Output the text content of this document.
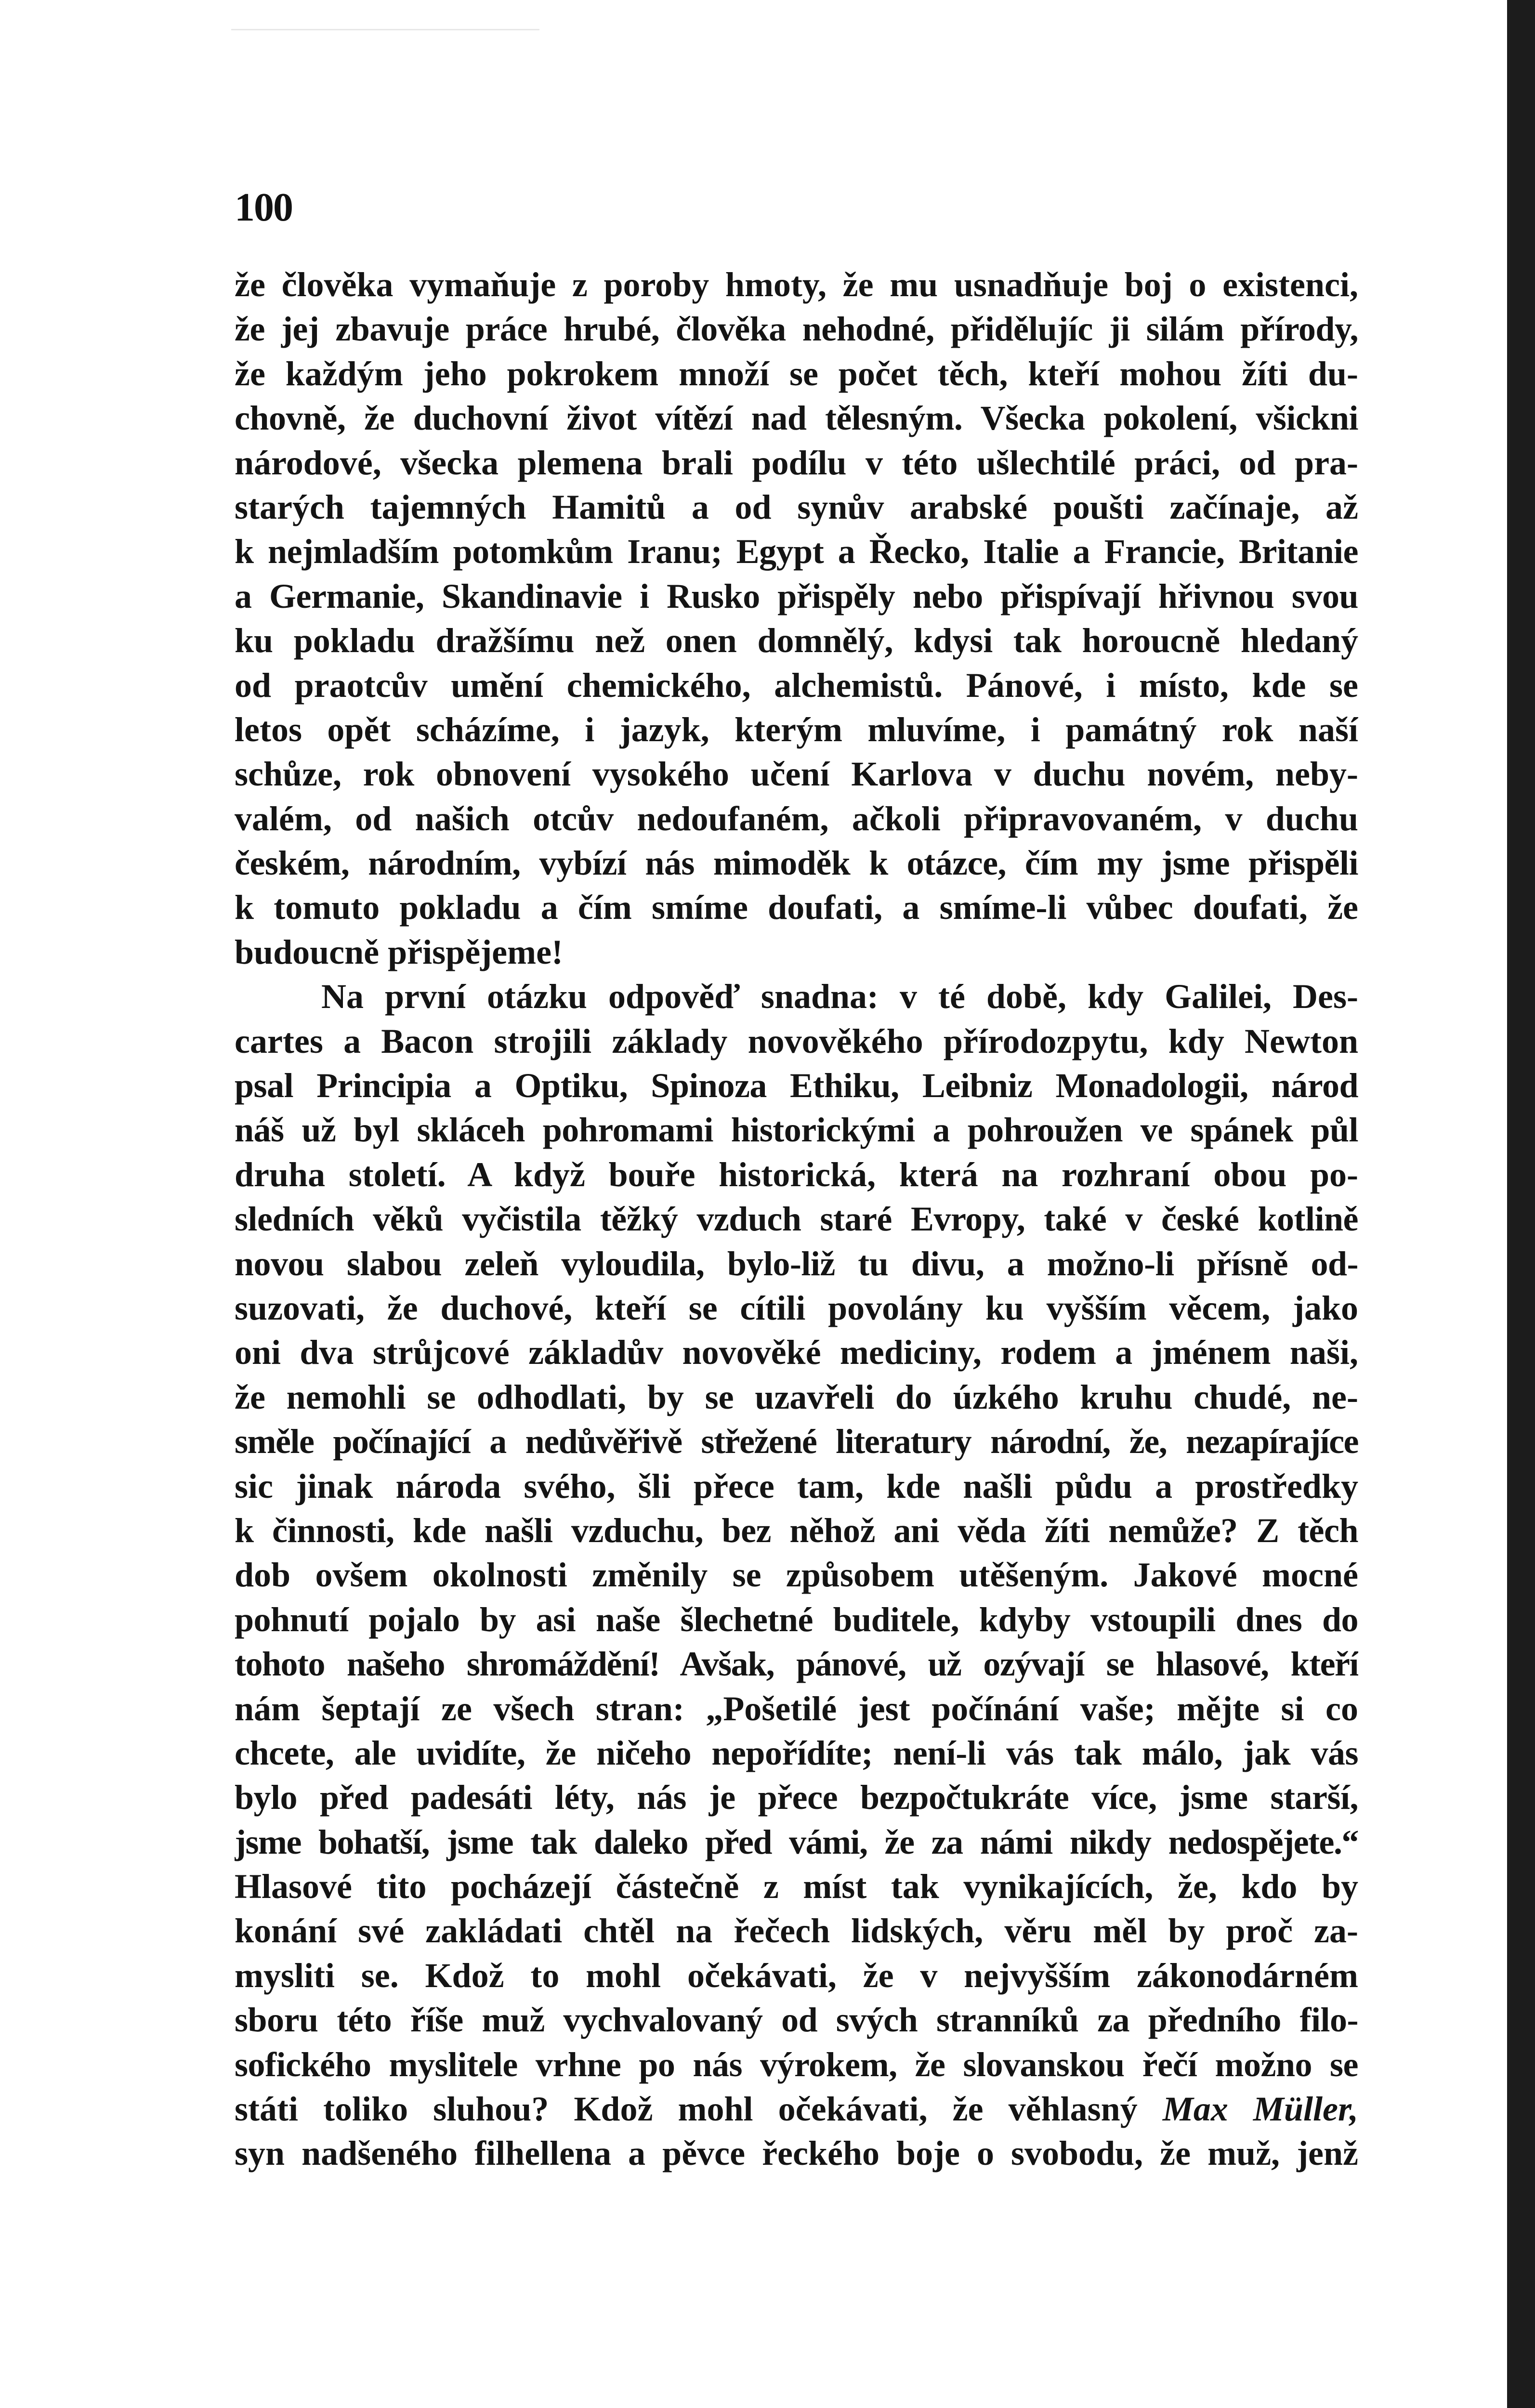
100
že člověka vymaňuje z poroby hmoty, že mu usnadňuje boj o existenci,
že jej zbavuje práce hrubé, člověka nehodné, přidělujíc ji silám přírody,
že každým jeho pokrokem množí se počet těch, kteří mohou žíti du-
chovně, že duchovní život vítězí nad tělesným. Všecka pokolení, všickni
národové, všecka plemena brali podílu v této ušlechtilé práci, od pra-
starých tajemných Hamitů a od synův arabské poušti začínaje, až
k nejmladším potomkům Iranu; Egypt a Řecko, Italie a Francie, Britanie
a Germanie, Skandinavie i Rusko přispěly nebo přispívají hřivnou svou
ku pokladu dražšímu než onen domnělý, kdysi tak horoucně hledaný
od praotcův umění chemického, alchemistů. Pánové, i místo, kde se
letos opět scházíme, i jazyk, kterým mluvíme, i památný rok naší
schůze, rok obnovení vysokého učení Karlova v duchu novém, neby-
valém, od našich otcův nedoufaném, ačkoli připravovaném, v duchu
českém, národním, vybízí nás mimoděk k otázce, čím my jsme přispěli
k tomuto pokladu a čím smíme doufati, a smíme-li vůbec doufati, že
budoucně přispějeme!
Na první otázku odpověď snadna: v té době, kdy Galilei, Des-
cartes a Bacon strojili základy novověkého přírodozpytu, kdy Newton
psal Principia a Optiku, Spinoza Ethiku, Leibniz Monadologii, národ
náš už byl skláceh pohromami historickými a pohroužen ve spánek půl
druha století. A když bouře historická, která na rozhraní obou po-
sledních věků vyčistila těžký vzduch staré Evropy, také v české kotlině
novou slabou zeleň vyloudila, bylo-liž tu divu, a možno-li přísně od-
suzovati, že duchové, kteří se cítili povolány ku vyšším věcem, jako
oni dva strůjcové základův novověké mediciny, rodem a jménem naši,
že nemohli se odhodlati, by se uzavřeli do úzkého kruhu chudé, ne-
směle počínající a nedůvěřivě střežené literatury národní, že, nezapírajíce
sic jinak národa svého, šli přece tam, kde našli půdu a prostředky
k činnosti, kde našli vzduchu, bez něhož ani věda žíti nemůže? Z těch
dob ovšem okolnosti změnily se způsobem utěšeným. Jakové mocné
pohnutí pojalo by asi naše šlechetné buditele, kdyby vstoupili dnes do
tohoto našeho shromáždění! Avšak, pánové, už ozývají se hlasové, kteří
nám šeptají ze všech stran: „Pošetilé jest počínání vaše; mějte si co
chcete, ale uvidíte, že ničeho nepořídíte; není-li vás tak málo, jak vás
bylo před padesáti léty, nás je přece bezpočtukráte více, jsme starší,
jsme bohatší, jsme tak daleko před vámi, že za námi nikdy nedospějete.“
Hlasové tito pocházejí částečně z míst tak vynikajících, že, kdo by
konání své zakládati chtěl na řečech lidských, věru měl by proč za-
mysliti se. Kdož to mohl očekávati, že v nejvyšším zákonodárném
sboru této říše muž vychvalovaný od svých stranníků za předního filo-
sofického myslitele vrhne po nás výrokem, že slovanskou řečí možno se
státi toliko sluhou? Kdož mohl očekávati, že věhlasný Max Müller,
syn nadšeného filhellena a pěvce řeckého boje o svobodu, že muž, jenž
